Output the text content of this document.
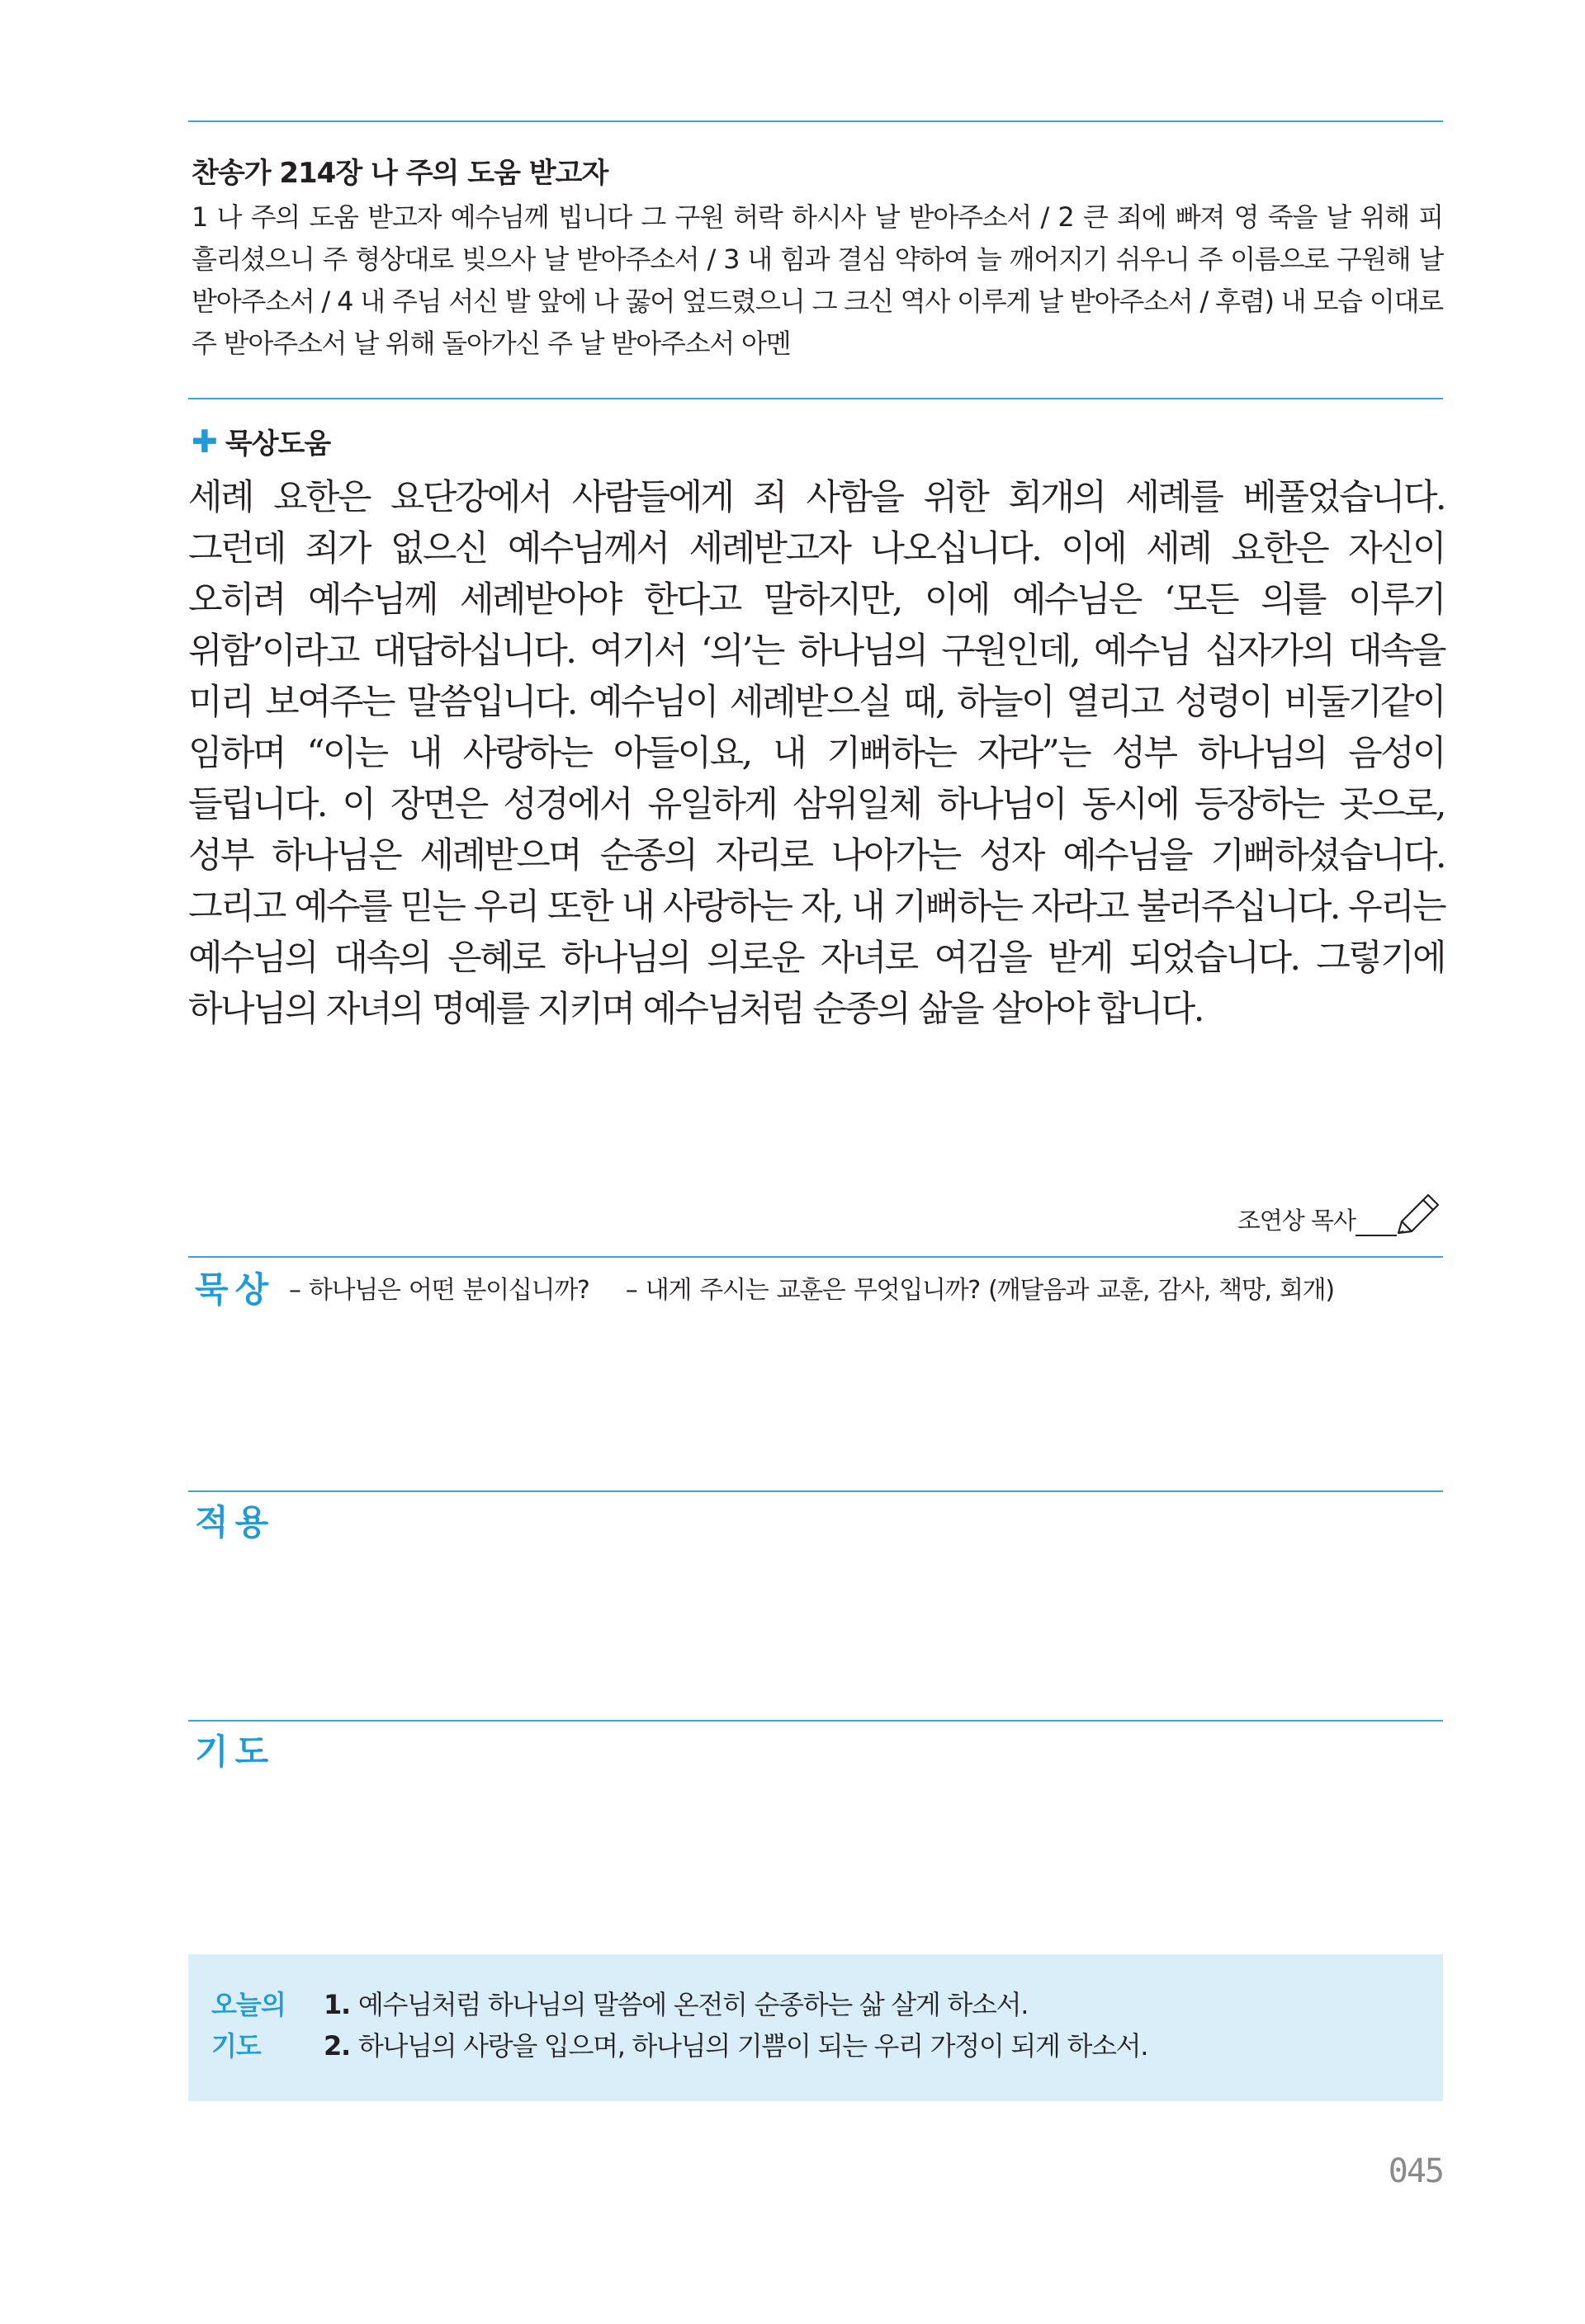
찬송가 214장 나 주의 도움 받고자
1 나 주의 도움 받고자 예수님께 빕니다 그 구원 허락 하시사 날 받아주소서 / 2 큰 죄에 빠져 영 죽을 날 위해 피 흘리셨으니 주 형상대로 빚으사 날 받아주소서 / 3 내 힘과 결심 약하여 늘 깨어지기 쉬우니 주 이름으로 구원해 날 받아주소서 / 4 내 주님 서신 발 앞에 나 꿇어 엎드렸으니 그 크신 역사 이루게 날 받아주소서 / 후렴) 내 모습 이대로 주 받아주소서 날 위해 돌아가신 주 날 받아주소서 아멘
✚ 묵상도움
세례 요한은 요단강에서 사람들에게 죄 사함을 위한 회개의 세례를 베풀었습니다. 그런데 죄가 없으신 예수님께서 세례받고자 나오십니다. 이에 세례 요한은 자신이 오히려 예수님께 세례받아야 한다고 말하지만, 이에 예수님은 ‘모든 의를 이루기 위함’이라고 대답하십니다. 여기서 ‘의’는 하나님의 구원인데, 예수님 십자가의 대속을 미리 보여주는 말씀입니다. 예수님이 세례받으실 때, 하늘이 열리고 성령이 비둘기같이 임하며 “이는 내 사랑하는 아들이요, 내 기뻐하는 자라”는 성부 하나님의 음성이 들립니다. 이 장면은 성경에서 유일하게 삼위일체 하나님이 동시에 등장하는 곳으로, 성부 하나님은 세례받으며 순종의 자리로 나아가는 성자 예수님을 기뻐하셨습니다. 그리고 예수를 믿는 우리 또한 내 사랑하는 자, 내 기뻐하는 자라고 불러주십니다. 우리는 예수님의 대속의 은혜로 하나님의 의로운 자녀로 여김을 받게 되었습니다. 그렇기에 하나님의 자녀의 명예를 지키며 예수님처럼 순종의 삶을 살아야 합니다.
조연상 목사
묵상 – 하나님은 어떤 분이십니까? – 내게 주시는 교훈은 무엇입니까? (깨달음과 교훈, 감사, 책망, 회개)
적용
기도
오늘의
기도
1. 예수님처럼 하나님의 말씀에 온전히 순종하는 삶 살게 하소서.
2. 하나님의 사랑을 입으며, 하나님의 기쁨이 되는 우리 가정이 되게 하소서.
045
